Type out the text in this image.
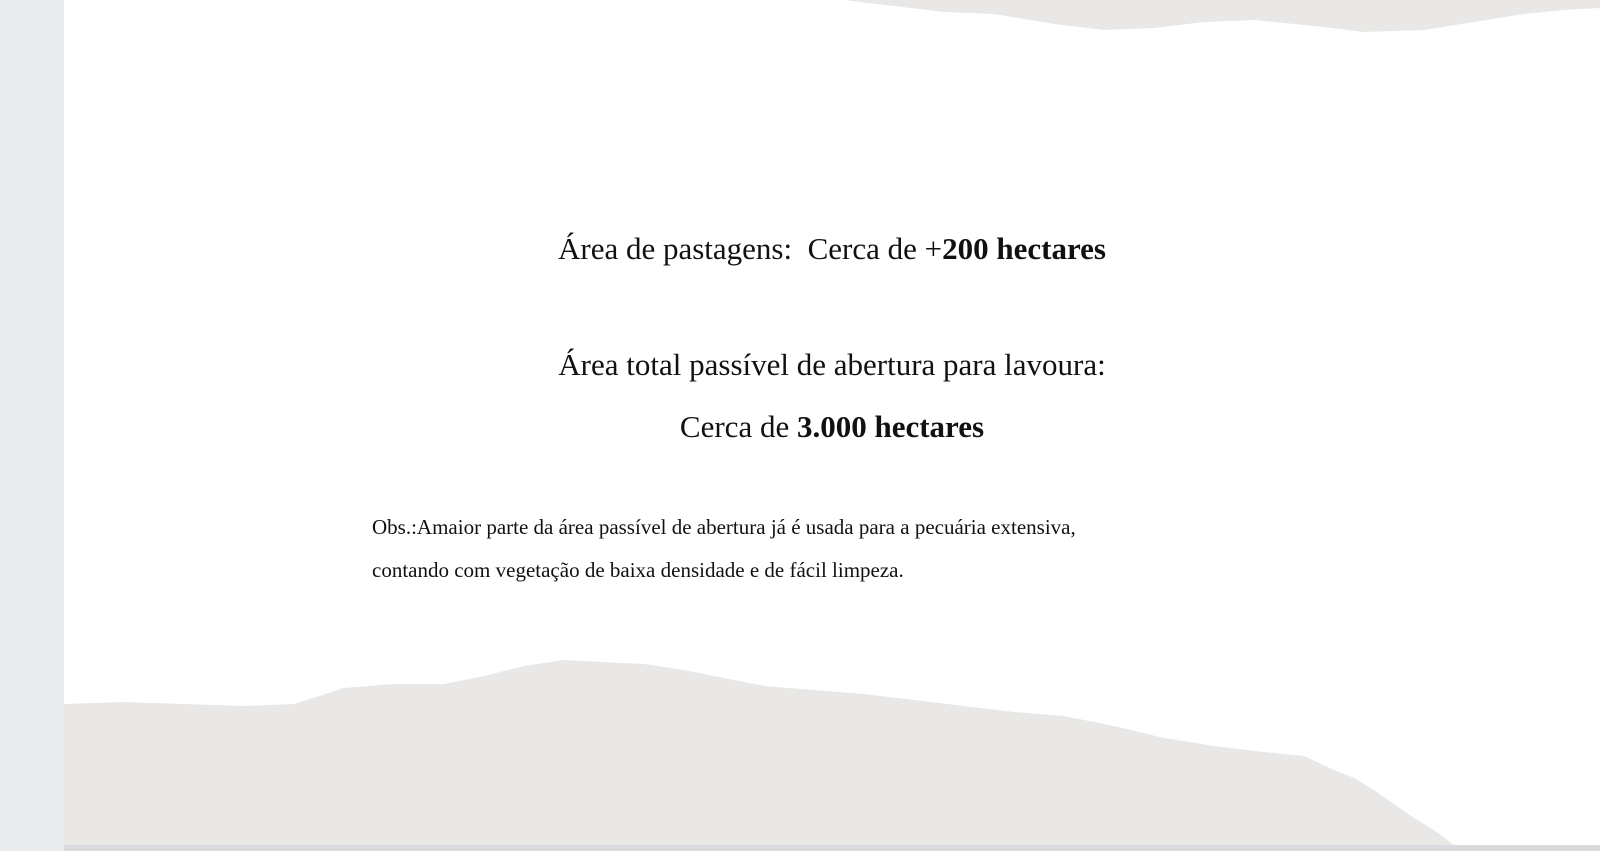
Área de pastagens: Cerca de +200 hectares
Área total passível de abertura para lavoura:
Cerca de 3.000 hectares
Obs.:Amaior parte da área passível de abertura já é usada para a pecuária extensiva,
contando com vegetação de baixa densidade e de fácil limpeza.
